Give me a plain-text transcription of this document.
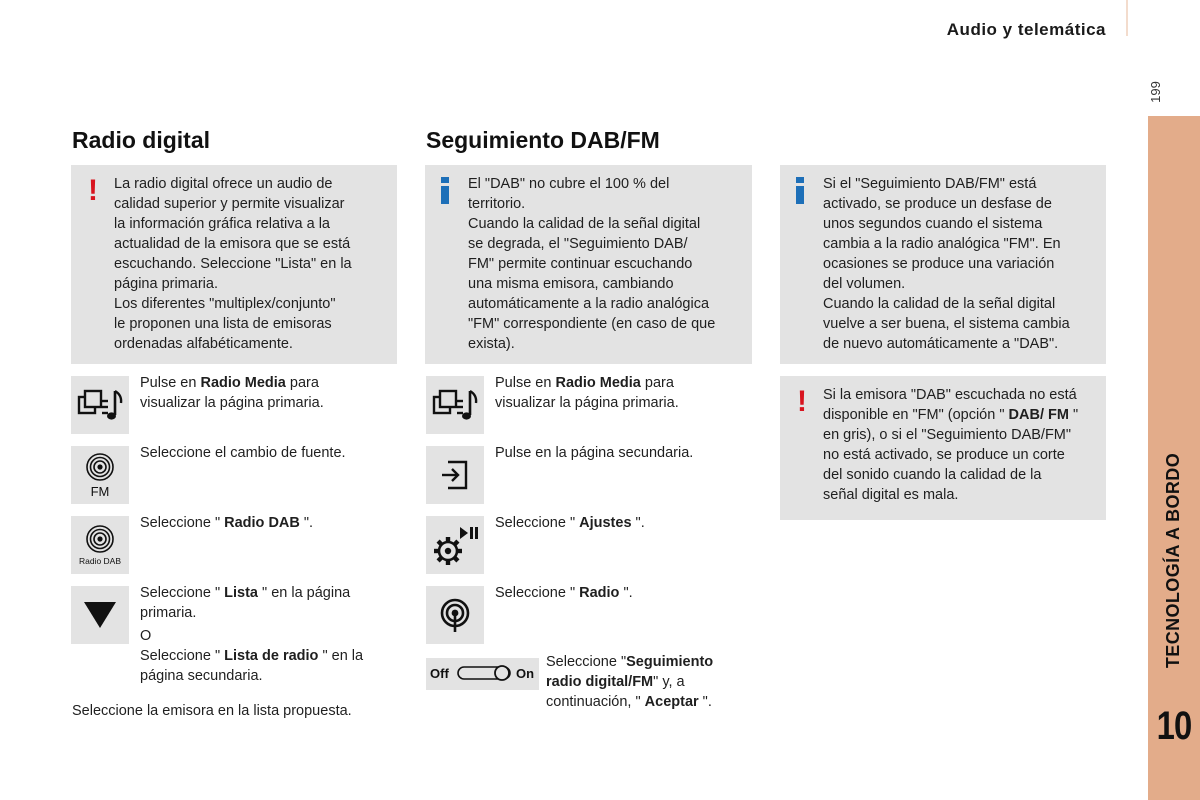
Audio y telemática
199
TECNOLOGÍA A BORDO
10
Radio digital
! La radio digital ofrece un audio de
calidad superior y permite visualizar
la información gráfica relativa a la
actualidad de la emisora que se está
escuchando. Seleccione "Lista" en la
página primaria.
Los diferentes "multiplex/conjunto"
le proponen una lista de emisoras
ordenadas alfabéticamente.
Pulse en Radio Media para
visualizar la página primaria.
FM
Seleccione el cambio de fuente.
Radio DAB
Seleccione " Radio DAB ".
Seleccione " Lista " en la página
primaria.
O
Seleccione " Lista de radio " en la
página secundaria.
Seleccione la emisora en la lista propuesta.
Seguimiento DAB/FM
El "DAB" no cubre el 100 % del
territorio.
Cuando la calidad de la señal digital
se degrada, el "Seguimiento DAB/
FM" permite continuar escuchando
una misma emisora, cambiando
automáticamente a la radio analógica
"FM" correspondiente (en caso de que
exista).
Pulse en Radio Media para
visualizar la página primaria.
Pulse en la página secundaria.
Seleccione " Ajustes ".
Seleccione " Radio ".
Off	On
Seleccione "Seguimiento
radio digital/FM" y, a
continuación, " Aceptar ".
Si el "Seguimiento DAB/FM" está
activado, se produce un desfase de
unos segundos cuando el sistema
cambia a la radio analógica "FM". En
ocasiones se produce una variación
del volumen.
Cuando la calidad de la señal digital
vuelve a ser buena, el sistema cambia
de nuevo automáticamente a "DAB".
! Si la emisora "DAB" escuchada no está
disponible en "FM" (opción " DAB/ FM "
en gris), o si el "Seguimiento DAB/FM"
no está activado, se produce un corte
del sonido cuando la calidad de la
señal digital es mala.
